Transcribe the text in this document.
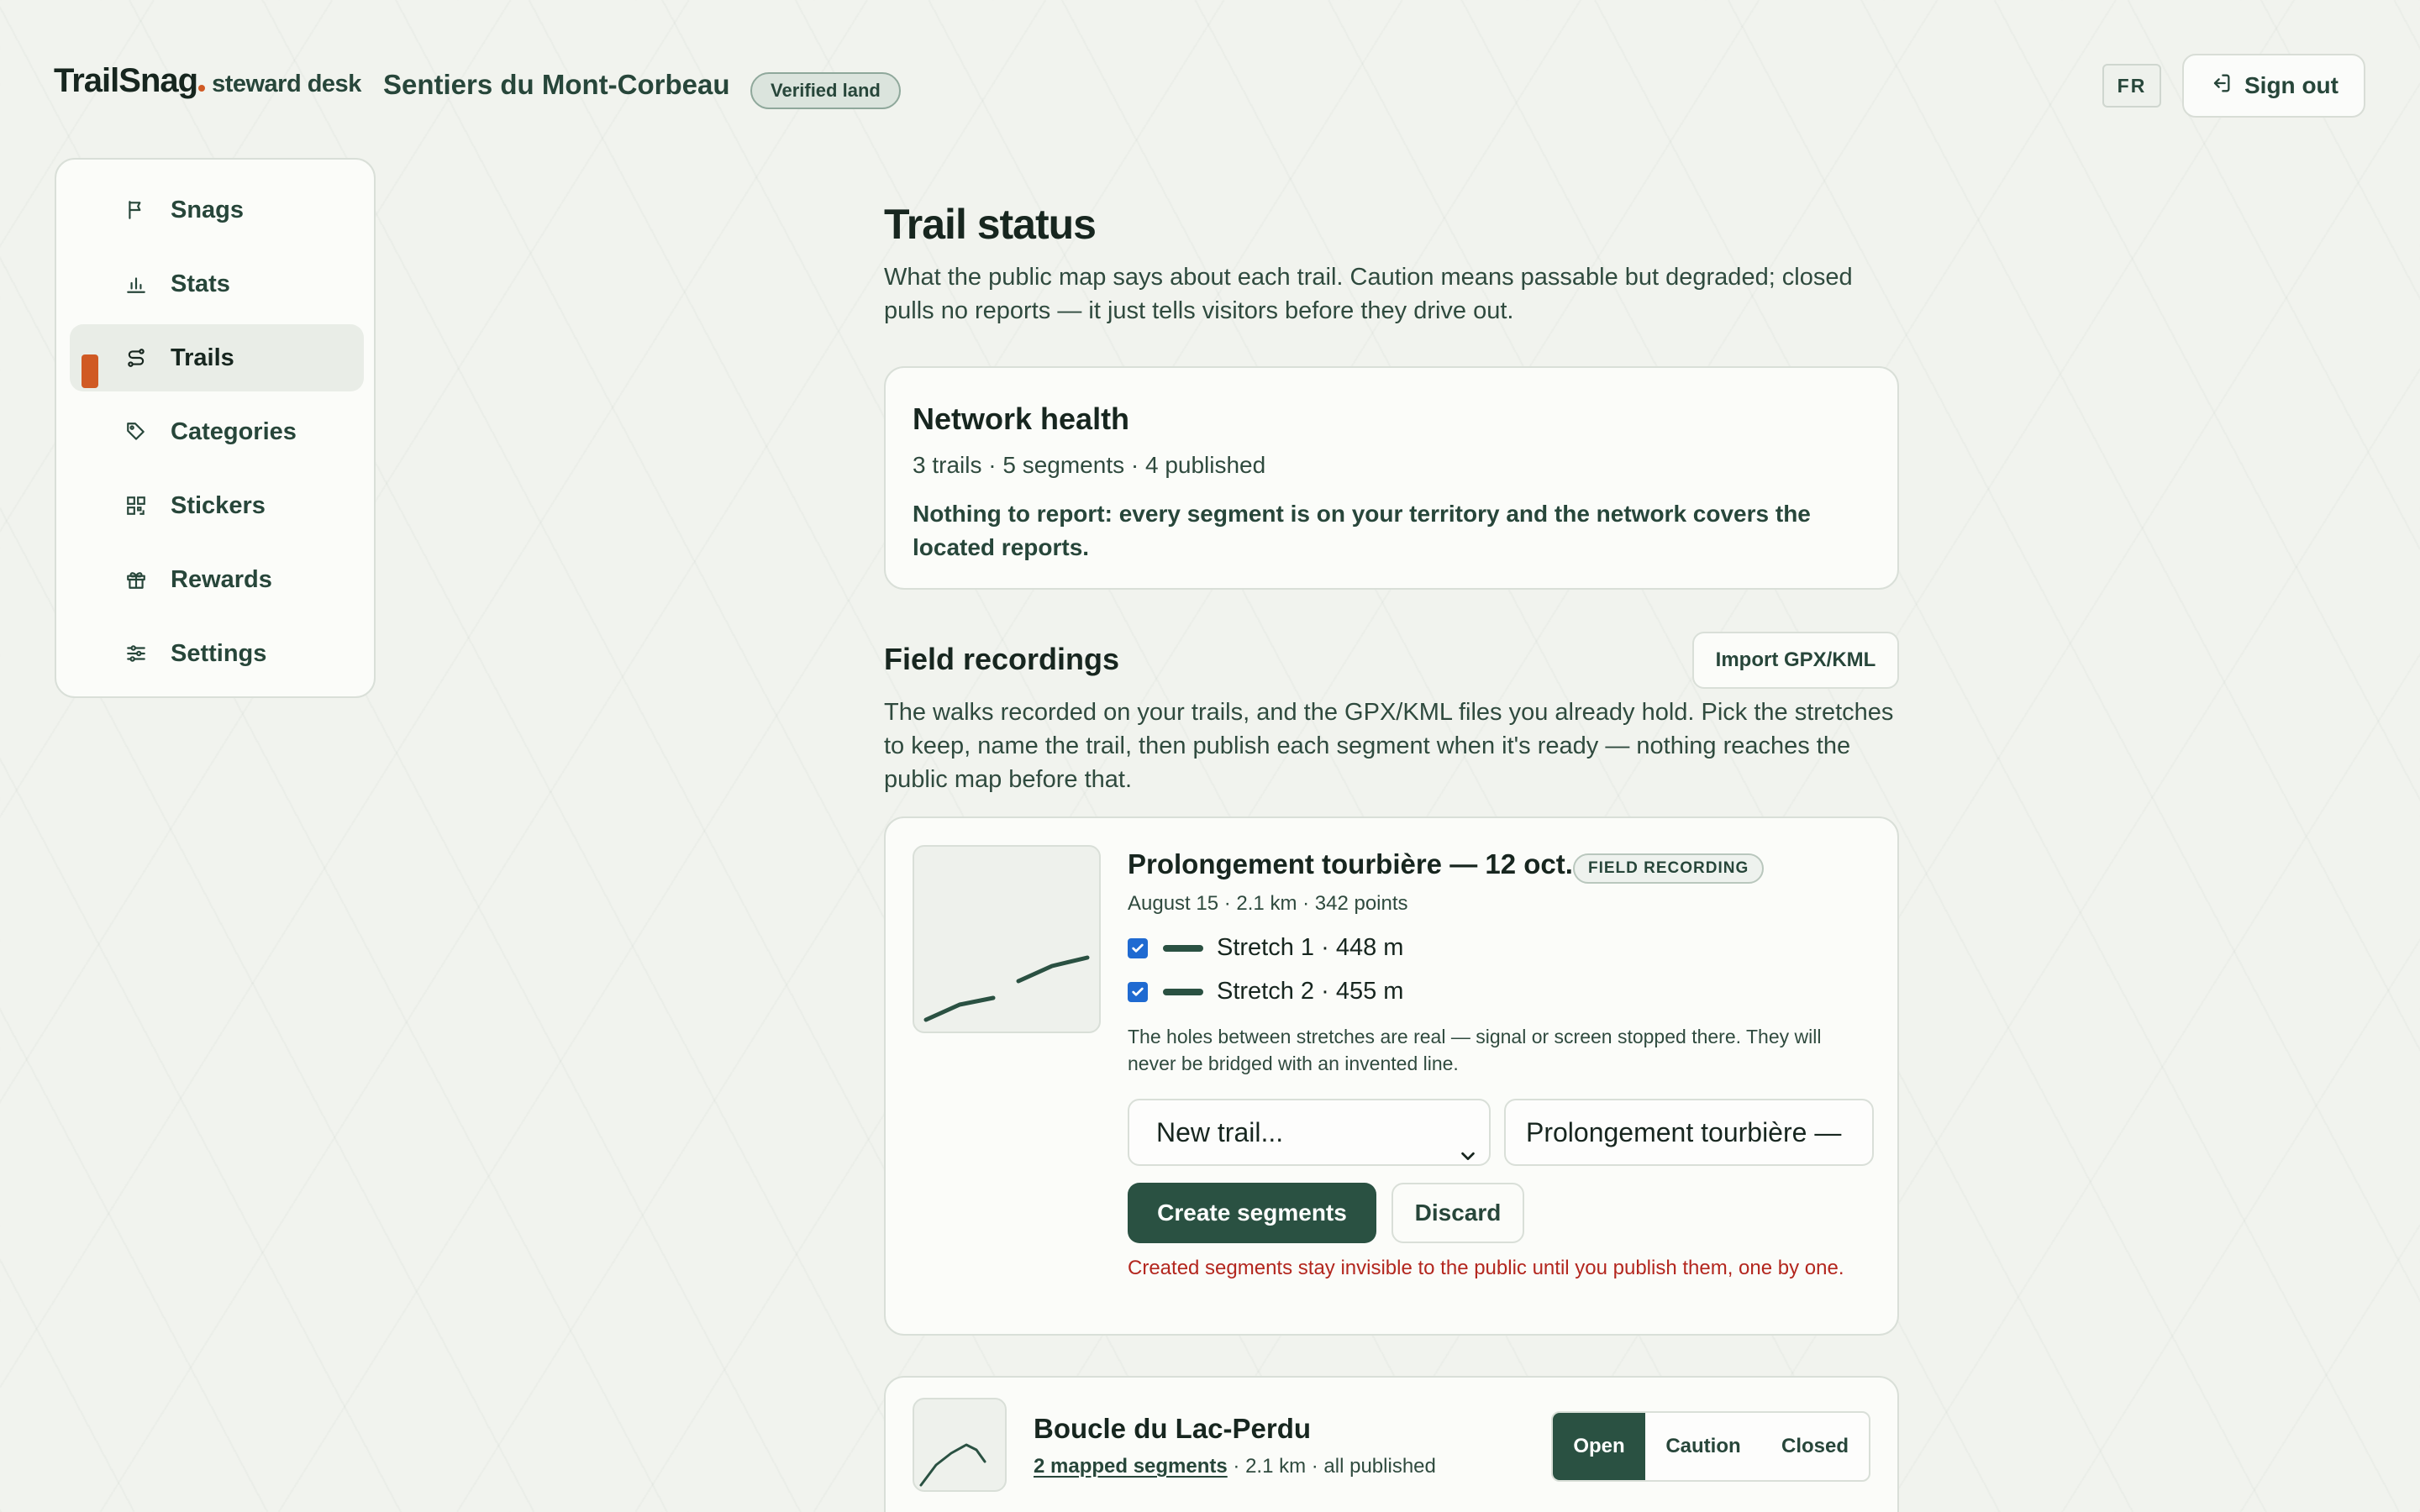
TrailSnag steward desk Sentiers du Mont-Corbeau	Verified land	FR	Sign out
Snags
Stats
Trails
Categories
Stickers
Rewards
Settings
Trail status

What the public map says about each trail. Caution means passable but degraded; closed pulls no reports — it just tells visitors before they drive out.

Network health
3 trails · 5 segments · 4 published
Nothing to report: every segment is on your territory and the network covers the located reports.
Field recordings	Import GPX/KML

The walks recorded on your trails, and the GPX/KML files you already hold. Pick the stretches to keep, name the trail, then publish each segment when it's ready — nothing reaches the public map before that.

Prolongement tourbière — 12 oct. FIELD RECORDING
August 15 · 2.1 km · 342 points
Stretch 1 · 448 m
Stretch 2 · 455 m
The holes between stretches are real — signal or screen stopped there. They will never be bridged with an invented line.
New trail...	Prolongement tourbière —
Create segments	Discard
Created segments stay invisible to the public until you publish them, one by one.
Boucle du Lac-Perdu
2 mapped segments · 2.1 km · all published
Open	Caution	Closed
